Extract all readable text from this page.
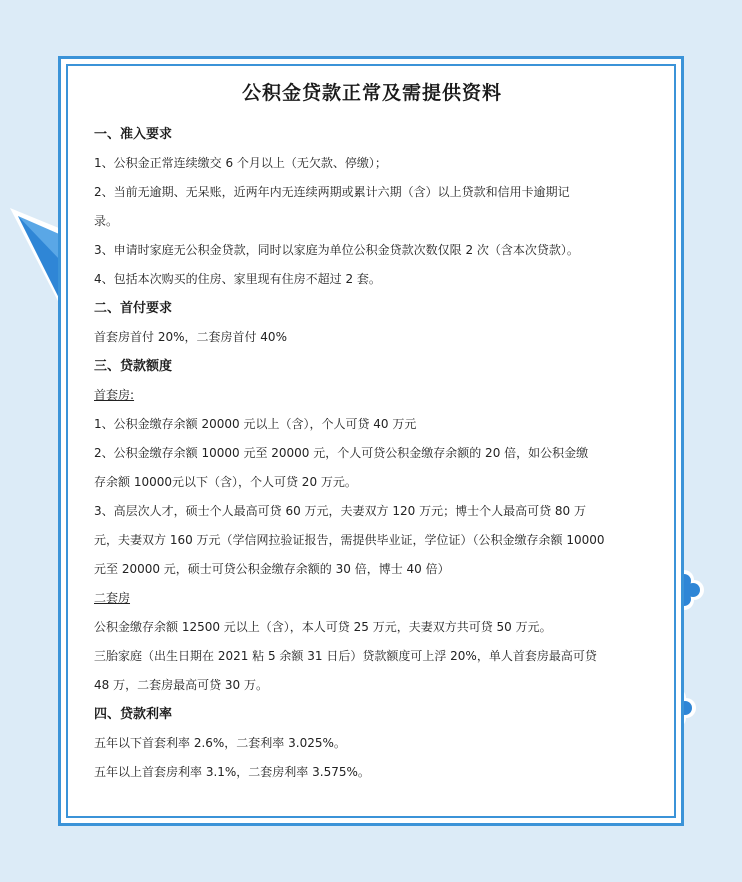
公积金贷款正常及需提供资料
一、准入要求
1、公积金正常连续缴交 6 个月以上（无欠款、停缴）；
2、当前无逾期、无呆账，近两年内无连续两期或累计六期（含）以上贷款和信用卡逾期记
录。
3、申请时家庭无公积金贷款，同时以家庭为单位公积金贷款次数仅限 2 次（含本次贷款）。
4、包括本次购买的住房、家里现有住房不超过 2 套。
二、首付要求
首套房首付 20%，二套房首付 40%
三、贷款额度
首套房:
1、公积金缴存余额 20000 元以上（含），个人可贷 40 万元
2、公积金缴存余额 10000 元至 20000 元，个人可贷公积金缴存余额的 20 倍，如公积金缴
存余额 10000元以下（含），个人可贷 20 万元。
3、高层次人才，硕士个人最高可贷 60 万元，夫妻双方 120 万元；博士个人最高可贷 80 万
元，夫妻双方 160 万元（学信网拉验证报告，需提供毕业证，学位证）（公积金缴存余额 10000
元至 20000 元，硕士可贷公积金缴存余额的 30 倍，博士 40 倍）
二套房
公积金缴存余额 12500 元以上（含），本人可贷 25 万元，夫妻双方共可贷 50 万元。
三胎家庭（出生日期在 2021 粘 5 余额 31 日后）贷款额度可上浮 20%，单人首套房最高可贷
48 万，二套房最高可贷 30 万。
四、贷款利率
五年以下首套利率 2.6%，二套利率 3.025%。
五年以上首套房利率 3.1%，二套房利率 3.575%。
